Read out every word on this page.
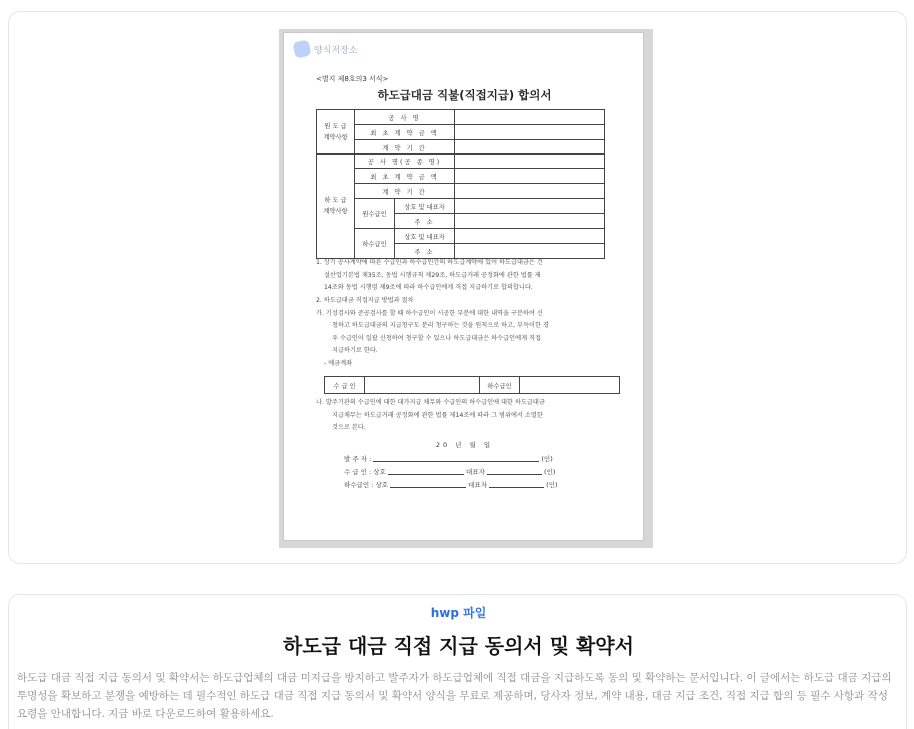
양식저장소
<별지 제8호의3 서식>
하도급대금 직불(직접지급) 합의서
원 도 급
계약사항	공 사 명	
	최 초 계 약 금 액	
	계 약 기 간	
하 도 급
계약사항	공 사 명(공 종 명)		
	최 초 계 약 금 액		
	계 약 기 간		
	원수급인	상호 및 대표자	
		주 소	
	하수급인	상호 및 대표자	
		주 소	
1. 상기 공사계약에 따른 수급인과 하수급인간의 하도급계약에 있어 하도급대금은 건
설산업기본법 제35조, 동법 시행규칙 제29조, 하도급거래 공정화에 관한 법률 제
14조와 동법 시행령 제9조에 따라 하수급인에게 직접 지급하기로 합의합니다.
2. 하도급대금 직접지급 방법과 절차
가. 기성검사와 준공검사를 할 때 하수급인이 시공한 부분에 대한 내역을 구분하여 신
청하고 하도급대금의 지급청구도 분리 청구하는 것을 원칙으로 하고, 부득이한 경
우 수급인이 일괄 신청하여 청구할 수 있으나 하도급대금은 하수급인에게 직접
지급하기로 한다.
- 예금계좌
수 급 인		하수급인	
나. 발주기관의 수급인에 대한 대가지급 채무와 수급인의 하수급인에 대한 하도급대금
지급채무는 하도급거래 공정화에 관한 법률 제14조에 따라 그 범위에서 소멸한
것으로 본다.
20 년 월 일
발 주 자 :	(인)
수 급 인 : 상호	대표자	(인)
하수급인 : 상호	대표자	(인)
hwp 파일
하도급 대금 직접 지급 동의서 및 확약서
하도급 대금 직접 지급 동의서 및 확약서는 하도급업체의 대금 미지급을 방지하고 발주자가 하도급업체에 직접 대금을 지급하도록 동의 및 확약하는 문서입니다. 이 글에서는 하도급 대금 지급의 투명성을 확보하고 분쟁을 예방하는 데 필수적인 하도급 대금 직접 지급 동의서 및 확약서 양식을 무료로 제공하며, 당사자 정보, 계약 내용, 대금 지급 조건, 직접 지급 합의 등 필수 사항과 작성 요령을 안내합니다. 지금 바로 다운로드하여 활용하세요.
